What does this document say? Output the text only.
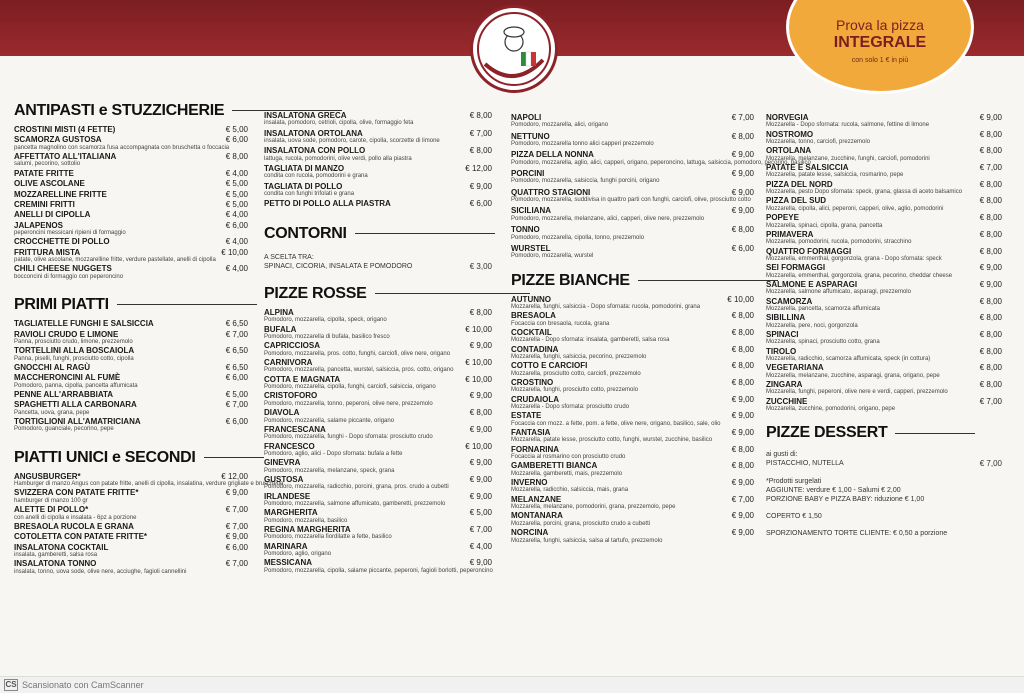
Prova la pizza
INTEGRALE
con solo 1 € in più
ANTIPASTI e STUZZICHERIE
CROSTINI MISTI (4 FETTE)	€ 5,00
SCAMORZA GUSTOSA
pancetta magnolino con scamorza fusa accompagnata con bruschetta o foccacia
€ 6,00
AFFETTATO ALL'ITALIANA
salumi, pecorino, sottolio
€ 8,00
PATATE FRITTE	€ 4,00
OLIVE ASCOLANE	€ 5,00
MOZZARELLINE FRITTE	€ 5,00
CREMINI FRITTI	€ 5,00
ANELLI DI CIPOLLA	€ 4,00
JALAPENOS
peperoncini messicani ripieni di formaggio
€ 6,00
CROCCHETTE DI POLLO	€ 4,00
FRITTURA MISTA
patate, olive ascolane, mozzarelline fritte, verdure pastellate, anelli di cipolla
€ 10,00
CHILI CHEESE NUGGETS
bocconcini di formaggio con peperoncino
€ 4,00
PRIMI PIATTI
TAGLIATELLE FUNGHI E SALSICCIA	€ 6,50
RAVIOLI CRUDO E LIMONE
Panna, prosciutto crudo, limone, prezzemolo
€ 7,00
TORTELLINI ALLA BOSCAIOLA
Panna, piselli, funghi, prosciutto cotto, cipolla
€ 6,50
GNOCCHI AL RAGÙ	€ 6,50
MACCHERONCINI AL FUMÈ
Pomodoro, panna, cipolla, pancetta affumicata
€ 6,00
PENNE ALL'ARRABBIATA	€ 5,00
SPAGHETTI ALLA CARBONARA
Pancetta, uova, grana, pepe
€ 7,00
TORTIGLIONI ALL'AMATRICIANA
Pomodoro, guanciale, pecorino, pepe
€ 6,00
PIATTI UNICI e SECONDI
ANGUSBURGER*
Hamburger di manzo Angus con patate fritte, anelli di cipolla, insalatina, verdure grigliate e bruschette
€ 12,00
SVIZZERA CON PATATE FRITTE*
hamburger di manzo 100 gr
€ 9,00
ALETTE DI POLLO*
con anelli di cipolla e insalata - 6pz a porzione
€ 7,00
BRESAOLA RUCOLA E GRANA	€ 7,00
COTOLETTA CON PATATE FRITTE*	€ 9,00
INSALATONA COCKTAIL
insalata, gamberetti, salsa rosa
€ 6,00
INSALATONA TONNO
insalata, tonno, uova sode, olive nere, acciughe, fagioli cannellini
€ 7,00
INSALATONA GRECA
insalata, pomodoro, cetrioli, cipolla, olive, formaggio feta
€ 8,00
INSALATONA ORTOLANA
insalata, uova sode, pomodoro, carote, cipolla, scorzette di limone
€ 7,00
INSALATONA CON POLLO
lattuga, rucola, pomodorini, olive verdi, pollo alla piastra
€ 8,00
TAGLIATA DI MANZO
condita con rucola, pomodorini e grana
€ 12,00
TAGLIATA DI POLLO
condita con funghi trifolati e grana
€ 9,00
PETTO DI POLLO ALLA PIASTRA	€ 6,00
CONTORNI
A SCELTA TRA:
SPINACI, CICORIA, INSALATA E POMODORO	€ 3,00
PIZZE ROSSE
ALPINA
Pomodoro, mozzarella, cipolla, speck, origano
€ 8,00
BUFALA
Pomodoro, mozzarella di bufala, basilico fresco
€ 10,00
CAPRICCIOSA
Pomodoro, mozzarella, pros. cotto, funghi, carciofi, olive nere, origano
€ 9,00
CARNIVORA
Pomodoro, mozzarella, pancetta, wurstel, salsiccia, pros. cotto, origano
€ 10,00
COTTA E MAGNATA
Pomodoro, mozzarella, cipolla, funghi, carciofi, salsiccia, origano
€ 10,00
CRISTOFORO
Pomodoro, mozzarella, tonno, peperoni, olive nere, prezzemolo
€ 9,00
DIAVOLA
Pomodoro, mozzarella, salame piccante, origano
€ 8,00
FRANCESCANA
Pomodoro, mozzarella, funghi - Dopo sfornata: prosciutto crudo
€ 9,00
FRANCESCO
Pomodoro, aglio, alici - Dopo sfornata: bufala a fette
€ 10,00
GINEVRA
Pomodoro, mozzarella, melanzane, speck, grana
€ 9,00
GUSTOSA
Pomodoro, mozzarella, radicchio, porcini, grana, pros. crudo a cubetti
€ 9,00
IRLANDESE
Pomodoro, mozzarella, salmone affumicato, gamberetti, prezzemolo
€ 9,00
MARGHERITA
Pomodoro, mozzarella, basilico
€ 5,00
REGINA MARGHERITA
Pomodoro, mozzarella fiordilatte a fette, basilico
€ 7,00
MARINARA
Pomodoro, aglio, origano
€ 4,00
MESSICANA
Pomodoro, mozzarella, cipolla, salame piccante, peperoni, fagioli borlotti, peperoncino
€ 9,00
NAPOLI
Pomodoro, mozzarella, alici, origano
€ 7,00
NETTUNO
Pomodoro, mozzarella tonno alici capperi prezzemolo
€ 8,00
PIZZA DELLA NONNA
Pomodoro, mozzarella, aglio, alici, capperi, origano, peperoncino, lattuga, salsiccia, pomodoro, pecorino, basilico
€ 9,00
PORCINI
Pomodoro, mozzarella, salsiccia, funghi porcini, origano
€ 9,00
QUATTRO STAGIONI
Pomodoro, mozzarella, suddivisa in quattro parti con funghi, carciofi, olive, prosciutto cotto
€ 9,00
SICILIANA
Pomodoro, mozzarella, melanzane, alici, capperi, olive nere, prezzemolo
€ 9,00
TONNO
Pomodoro, mozzarella, cipolla, tonno, prezzemolo
€ 8,00
WURSTEL
Pomodoro, mozzarella, wurstel
€ 6,00
PIZZE BIANCHE
AUTUNNO
Mozzarella, funghi, salsiccia - Dopo sfornata: rucola, pomodorini, grana
€ 10,00
BRESAOLA
Focaccia con bresaola, rucola, grana
€ 8,00
COCKTAIL
Mozzarella - Dopo sfornata: insalata, gamberetti, salsa rosa
€ 8,00
CONTADINA
Mozzarella, funghi, salsiccia, pecorino, prezzemolo
€ 8,00
COTTO E CARCIOFI
Mozzarella, prosciutto cotto, carciofi, prezzemolo
€ 8,00
CROSTINO
Mozzarella, funghi, prosciutto cotto, prezzemolo
€ 8,00
CRUDAIOLA
Mozzarella - Dopo sfornata: prosciutto crudo
€ 9,00
ESTATE
Focaccia con mozz. a fette, pom. a fette, olive nere, origano, basilico, sale, olio
€ 9,00
FANTASIA
Mozzarella, patate lesse, prosciutto cotto, funghi, wurstel, zucchine, basilico
€ 9,00
FORNARINA
Focaccia al rosmarino con prosciutto crudo
€ 8,00
GAMBERETTI BIANCA
Mozzarella, gamberetti, mais, prezzemolo
€ 8,00
INVERNO
Mozzarella, radicchio, salsiccia, mais, grana
€ 9,00
MELANZANE
Mozzarella, melanzane, pomodorini, grana, prezzemolo, pepe
€ 7,00
MONTANARA
Mozzarella, porcini, grana, prosciutto crudo a cubetti
€ 9,00
NORCINA
Mozzarella, funghi, salsiccia, salsa al tartufo, prezzemolo
€ 9,00
NORVEGIA
Mozzarella - Dopo sfornata: rucola, salmone, fettine di limone
€ 9,00
NOSTROMO
Mozzarella, tonno, carciofi, prezzemolo
€ 8,00
ORTOLANA
Mozzarella, melanzane, zucchine, funghi, carciofi, pomodorini
€ 8,00
PATATE E SALSICCIA
Mozzarella, patate lesse, salsiccia, rosmarino, pepe
€ 7,00
PIZZA DEL NORD
Mozzarella, pesto Dopo sfornata: speck, grana, glassa di aceto balsamico
€ 8,00
PIZZA DEL SUD
Mozzarella, cipolla, alici, peperoni, capperi, olive, aglio, pomodorini
€ 8,00
POPEYE
Mozzarella, spinaci, cipolla, grana, pancetta
€ 8,00
PRIMAVERA
Mozzarella, pomodorini, rucola, pomodorini, stracchino
€ 8,00
QUATTRO FORMAGGI
Mozzarella, emmenthal, gorgonzola, grana - Dopo sfornata: speck
€ 8,00
SEI FORMAGGI
Mozzarella, emmenthal, gorgonzola, grana, pecorino, cheddar cheese
€ 9,00
SALMONE E ASPARAGI
Mozzarella, salmone affumicato, asparagi, prezzemolo
€ 9,00
SCAMORZA
Mozzarella, pancetta, scamorza affumicata
€ 8,00
SIBILLINA
Mozzarella, pere, noci, gorgonzola
€ 8,00
SPINACI
Mozzarella, spinaci, prosciutto cotto, grana
€ 8,00
TIROLO
Mozzarella, radicchio, scamorza affumicata, speck (in cottura)
€ 8,00
VEGETARIANA
Mozzarella, melanzane, zucchine, asparagi, grana, origano, pepe
€ 8,00
ZINGARA
Mozzarella, funghi, peperoni, olive nere e verdi, capperi, prezzemolo
€ 8,00
ZUCCHINE
Mozzarella, zucchine, pomodorini, origano, pepe
€ 7,00
PIZZE DESSERT
ai gusti di:
PISTACCHIO, NUTELLA	€ 7,00
*Prodotti surgelati
AGGIUNTE: verdure € 1,00 - Salumi € 2,00
PORZIONE BABY e PIZZA BABY: riduzione € 1,00
COPERTO € 1,50
SPORZIONAMENTO TORTE CLIENTE: € 0,50 a porzione
CS Scansionato con CamScanner
